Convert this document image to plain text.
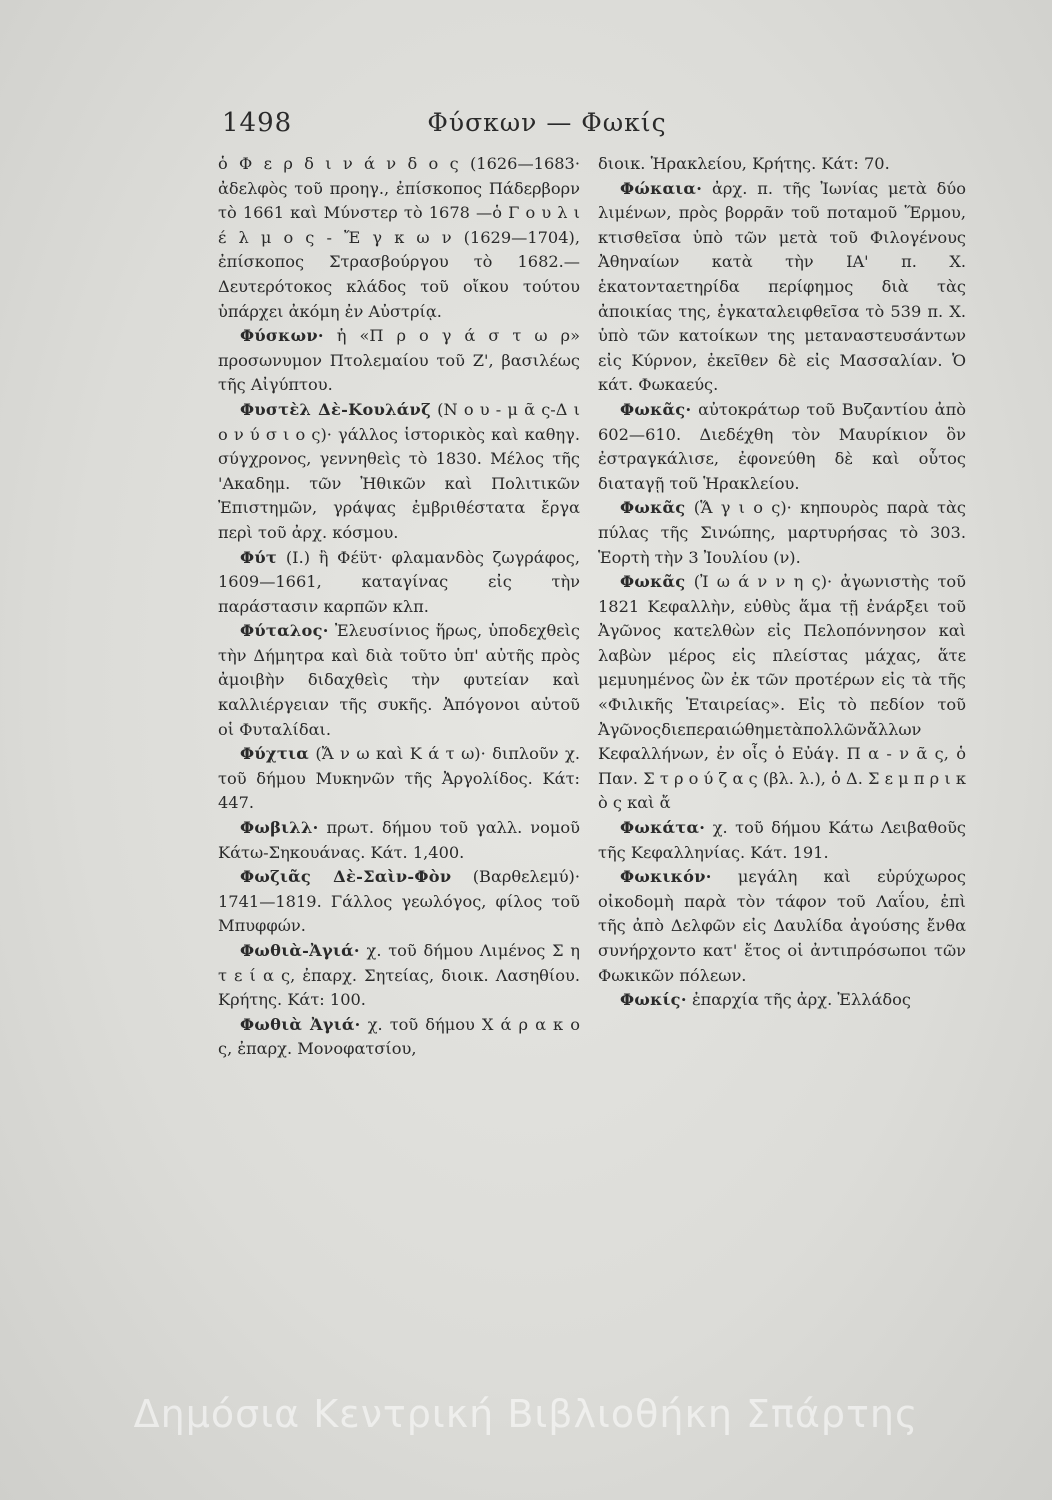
1498	Φύσκων — Φωκίς
ὁ Φ ε ρ δ ι ν ά ν δ ο ς (1626—1683· ἀδελφὸς τοῦ προηγ., ἐπίσκοπος Πάδερβορν τὸ 1661 καὶ Μύνστερ τὸ 1678 —ὁ Γ ο υ λ ι έ λ μ ο ς - Ἔ γ κ ω ν (1629—1704), ἐπίσκοπος Στρασβούργου τὸ 1682.— Δευτερότοκος κλάδος τοῦ οἴκου τούτου ὑπάρχει ἀκόμη ἐν Αὐστρίᾳ.
Φύσκων· ἡ «Π ρ ο γ ά σ τ ω ρ» προσωνυμον Πτολεμαίου τοῦ Ζ', βασιλέως τῆς Αἰγύπτου.
Φυστὲλ Δὲ-Κουλάνζ (Ν ο υ - μ ᾶ ς-Δ ι ο ν ύ σ ι ο ς)· γάλλος ἱστορικὸς καὶ καθηγ. σύγχρονος, γεννηθεὶς τὸ 1830. Μέλος τῆς 'Ακαδημ. τῶν Ἠθικῶν καὶ Πολιτικῶν Ἐπιστημῶν, γράψας ἐμβριθέστατα ἔργα περὶ τοῦ ἀρχ. κόσμου.
Φύτ (Ι.) ἢ Φέϋτ· φλαμανδὸς ζωγράφος, 1609—1661, καταγίνας εἰς τὴν παράστασιν καρπῶν κλπ.
Φύταλος· Ἐλευσίνιος ἥρως, ὑποδεχθεὶς τὴν Δήμητρα καὶ διὰ τοῦτο ὑπ' αὐτῆς πρὸς ἀμοιβὴν διδαχθεὶς τὴν φυτείαν καὶ καλλιέργειαν τῆς συκῆς. Ἀπόγονοι αὐτοῦ οἱ Φυταλίδαι.
Φύχτια (Ἄ ν ω καὶ Κ ά τ ω)· διπλοῦν χ. τοῦ δήμου Μυκηνῶν τῆς Ἀργολίδος. Κάτ: 447.
Φωβιλλ· πρωτ. δήμου τοῦ γαλλ. νομοῦ Κάτω-Σηκουάνας. Κάτ. 1,400.
Φωζιᾶς Δὲ-Σαὶν-Φὸν (Βαρθελεμύ)· 1741—1819. Γάλλος γεωλόγος, φίλος τοῦ Μπυφφών.
Φωθιὰ-Ἀγιά· χ. τοῦ δήμου Λιμένος Σ η τ ε ί α ς, ἐπαρχ. Σητείας, διοικ. Λασηθίου. Κρήτης. Κάτ: 100.
Φωθιὰ Ἀγιά· χ. τοῦ δήμου Χ ά ρ α κ ο ς, ἐπαρχ. Μονοφατσίου,
διοικ. Ἡρακλείου, Κρήτης. Κάτ: 70.
Φώκαια· ἀρχ. π. τῆς Ἰωνίας μετὰ δύο λιμένων, πρὸς βορρᾶν τοῦ ποταμοῦ Ἕρμου, κτισθεῖσα ὑπὸ τῶν μετὰ τοῦ Φιλογένους Ἀθηναίων κατὰ τὴν ΙΑ' π. Χ. ἑκατονταετηρίδα περίφημος διὰ τὰς ἀποικίας της, ἐγκαταλειφθεῖσα τὸ 539 π. Χ. ὑπὸ τῶν κατοίκων της μεταναστευσάντων εἰς Κύρνον, ἐκεῖθεν δὲ εἰς Μασσαλίαν. Ὁ κάτ. Φωκαεύς.
Φωκᾶς· αὐτοκράτωρ τοῦ Βυζαντίου ἀπὸ 602—610. Διεδέχθη τὸν Μαυρίκιον ὃν ἐστραγκάλισε, ἐφονεύθη δὲ καὶ οὗτος διαταγῇ τοῦ Ἡρακλείου.
Φωκᾶς (Ἅ γ ι ο ς)· κηπουρὸς παρὰ τὰς πύλας τῆς Σινώπης, μαρτυρήσας τὸ 303. Ἑορτὴ τὴν 3 Ἰουλίου (ν).
Φωκᾶς (Ἰ ω ά ν ν η ς)· ἀγωνιστὴς τοῦ 1821 Κεφαλλὴν, εὐθὺς ἅμα τῇ ἐνάρξει τοῦ Ἀγῶνος κατελθὼν εἰς Πελοπόννησον καὶ λαβὼν μέρος εἰς πλείστας μάχας, ἅτε μεμυημένος ὢν ἐκ τῶν προτέρων εἰς τὰ τῆς «Φιλικῆς Ἑταιρείας». Εἰς τὸ πεδίον τοῦ Ἀγῶνοςδιεπεραιώθημετὰπολλῶνἄλλων Κεφαλλήνων, ἐν οἷς ὁ Εὐάγ. Π α - ν ᾶ ς, ὁ Παν. Σ τ ρ ο ύ ζ α ς (βλ. λ.), ὁ Δ. Σ ε μ π ρ ι κ ὸ ς καὶ ἄ
Φωκάτα· χ. τοῦ δήμου Κάτω Λειβαθοῦς τῆς Κεφαλληνίας. Κάτ. 191.
Φωκικόν· μεγάλη καὶ εὐρύχωρος οἰκοδομὴ παρὰ τὸν τάφον τοῦ Λαΐου, ἐπὶ τῆς ἀπὸ Δελφῶν εἰς Δαυλίδα ἀγούσης ἔνθα συνήρχοντο κατ' ἔτος οἱ ἀντιπρόσωποι τῶν Φωκικῶν πόλεων.
Φωκίς· ἐπαρχία τῆς ἀρχ. Ἑλλάδος
Δημόσια Κεντρική Βιβλιοθήκη Σπάρτης
